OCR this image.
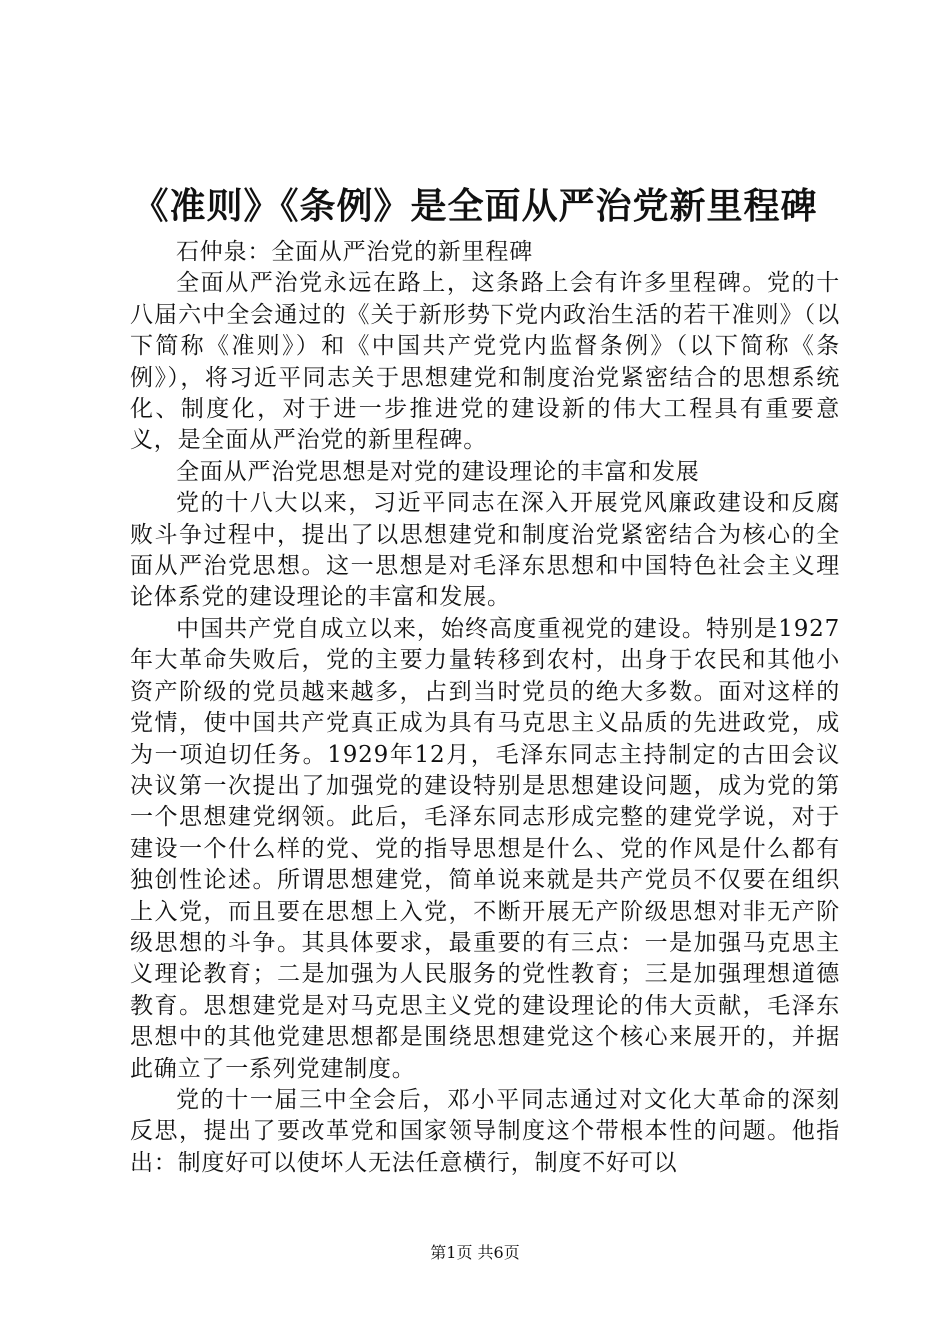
《准则》《条例》是全面从严治党新里程碑

石仲泉：全面从严治党的新里程碑

全面从严治党永远在路上，这条路上会有许多里程碑。党的十八届六中全会通过的《关于新形势下党内政治生活的若干准则》（以下简称《准则》）和《中国共产党党内监督条例》（以下简称《条例》），将习近平同志关于思想建党和制度治党紧密结合的思想系统化、制度化，对于进一步推进党的建设新的伟大工程具有重要意义，是全面从严治党的新里程碑。

全面从严治党思想是对党的建设理论的丰富和发展

党的十八大以来，习近平同志在深入开展党风廉政建设和反腐败斗争过程中，提出了以思想建党和制度治党紧密结合为核心的全面从严治党思想。这一思想是对毛泽东思想和中国特色社会主义理论体系党的建设理论的丰富和发展。

中国共产党自成立以来，始终高度重视党的建设。特别是1927年大革命失败后，党的主要力量转移到农村，出身于农民和其他小资产阶级的党员越来越多，占到当时党员的绝大多数。面对这样的党情，使中国共产党真正成为具有马克思主义品质的先进政党，成为一项迫切任务。1929年12月，毛泽东同志主持制定的古田会议决议第一次提出了加强党的建设特别是思想建设问题，成为党的第一个思想建党纲领。此后，毛泽东同志形成完整的建党学说，对于建设一个什么样的党、党的指导思想是什么、党的作风是什么都有独创性论述。所谓思想建党，简单说来就是共产党员不仅要在组织上入党，而且要在思想上入党，不断开展无产阶级思想对非无产阶级思想的斗争。其具体要求，最重要的有三点：一是加强马克思主义理论教育；二是加强为人民服务的党性教育；三是加强理想道德教育。思想建党是对马克思主义党的建设理论的伟大贡献，毛泽东思想中的其他党建思想都是围绕思想建党这个核心来展开的，并据此确立了一系列党建制度。

党的十一届三中全会后，邓小平同志通过对文化大革命的深刻反思，提出了要改革党和国家领导制度这个带根本性的问题。他指出：制度好可以使坏人无法任意横行，制度不好可以

第1页 共6页
